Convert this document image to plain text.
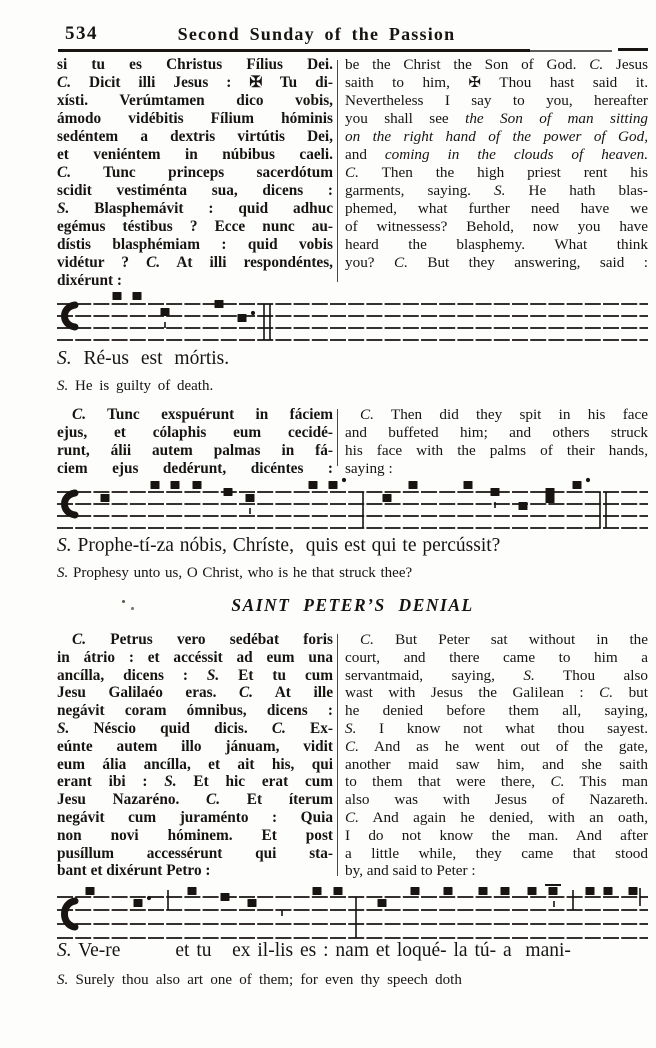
534	Second Sunday of the Passion
si tu es Christus Fílius Dei.
C. Dicit illi Jesus : ✠ Tu di-
xísti. Verúmtamen dico vobis,
ámodo vidébitis Fílium hóminis
sedéntem a dextris virtútis Dei,
et veniéntem in núbibus caeli.
C. Tunc princeps sacerdótum
scidit vestiménta sua, dicens :
S. Blasphemávit : quid adhuc
egémus téstibus ? Ecce nunc au-
dístis blasphémiam : quid vobis
vidétur ? C. At illi respondéntes,
dixérunt :
be the Christ the Son of God. C. Jesus
saith to him, ✠ Thou hast said it.
Nevertheless I say to you, hereafter
you shall see the Son of man sitting
on the right hand of the power of God,
and coming in the clouds of heaven.
C. Then the high priest rent his
garments, saying. S. He hath blas-
phemed, what further need have we
of witnessess? Behold, now you have
heard the blasphemy. What think
you? C. But they answering, said :
S. Ré-us est mórtis.
S. He is guilty of death.
C. Tunc exspuérunt in fáciem
ejus, et cólaphis eum cecidé-
runt, álii autem palmas in fá-
ciem ejus dedérunt, dicéntes :
C. Then did they spit in his face
and buffeted him; and others struck
his face with the palms of their hands,
saying :
S. Prophe-tí-za nóbis, Chríste,  quis est qui te percússit?
S. Prophesy unto us, O Christ, who is he that struck thee?
SAINT PETER’S DENIAL
C. Petrus vero sedébat foris
in átrio : et accéssit ad eum una
ancílla, dicens : S. Et tu cum
Jesu Galilaéo eras. C. At ille
negávit coram ómnibus, dicens :
S. Néscio quid dicis. C. Ex-
eúnte autem illo jánuam, vidit
eum ália ancílla, et ait his, qui
erant ibi : S. Et hic erat cum
Jesu Nazaréno. C. Et íterum
negávit cum juraménto : Quia
non novi hóminem. Et post
pusíllum accessérunt qui sta-
bant et dixérunt Petro :
C. But Peter sat without in the
court, and there came to him a
servantmaid, saying, S. Thou also
wast with Jesus the Galilean : C. but
he denied before them all, saying,
S. I know not what thou sayest.
C. And as he went out of the gate,
another maid saw him, and she saith
to them that were there, C. This man
also was with Jesus of Nazareth.
C. And again he denied, with an oath,
I do not know the man. And after
a little while, they came that stood
by, and said to Peter :
S. Ve-re        et tu   ex il-lis es : nam et loqué- la tú- a  mani-
S. Surely thou also art one of them; for even thy speech doth
